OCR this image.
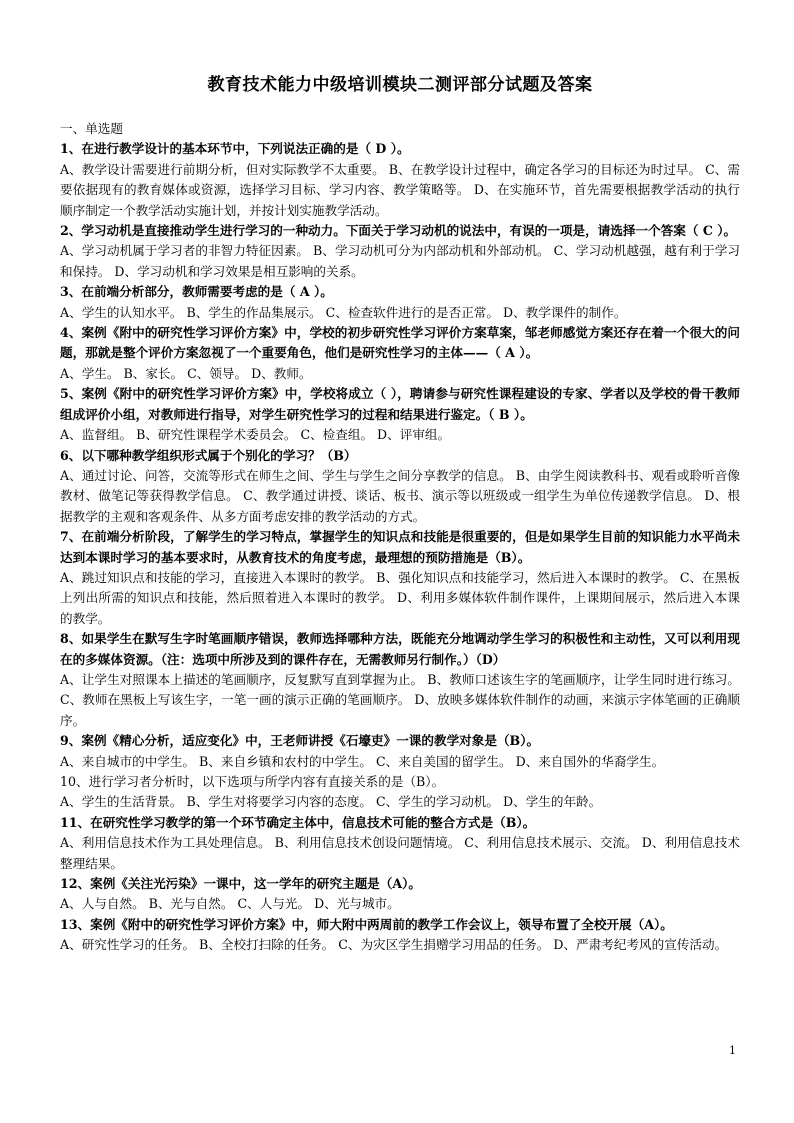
教育技术能力中级培训模块二测评部分试题及答案

一、单选题

1、在进行教学设计的基本环节中，下列说法正确的是（ D ）。

A、教学设计需要进行前期分析，但对实际教学不太重要。 B、在教学设计过程中，确定各学习的目标还为时过早。 C、需要依据现有的教育媒体或资源，选择学习目标、学习内容、教学策略等。 D、在实施环节，首先需要根据教学活动的执行顺序制定一个教学活动实施计划，并按计划实施教学活动。

2、学习动机是直接推动学生进行学习的一种动力。下面关于学习动机的说法中，有误的一项是，请选择一个答案（ C ）。

A、学习动机属于学习者的非智力特征因素。 B、学习动机可分为内部动机和外部动机。 C、学习动机越强，越有利于学习和保持。 D、学习动机和学习效果是相互影响的关系。

3、在前端分析部分，教师需要考虑的是（ A ）。

A、学生的认知水平。 B、学生的作品集展示。 C、检查软件进行的是否正常。 D、教学课件的制作。

4、案例《附中的研究性学习评价方案》中，学校的初步研究性学习评价方案草案，邹老师感觉方案还存在着一个很大的问题，那就是整个评价方案忽视了一个重要角色，他们是研究性学习的主体——（ A ）。

A、学生。 B、家长。 C、领导。 D、教师。

5、案例《附中的研究性学习评价方案》中，学校将成立（ ），聘请参与研究性课程建设的专家、学者以及学校的骨干教师组成评价小组，对教师进行指导，对学生研究性学习的过程和结果进行鉴定。（ B ）。

A、监督组。 B、研究性课程学术委员会。 C、检查组。 D、评审组。

6、以下哪种教学组织形式属于个别化的学习？（B）

A、通过讨论、问答，交流等形式在师生之间、学生与学生之间分享教学的信息。 B、由学生阅读教科书、观看或聆听音像教材、做笔记等获得教学信息。 C、教学通过讲授、谈话、板书、演示等以班级或一组学生为单位传递教学信息。 D、根据教学的主观和客观条件、从多方面考虑安排的教学活动的方式。

7、在前端分析阶段，了解学生的学习特点，掌握学生的知识点和技能是很重要的，但是如果学生目前的知识能力水平尚未达到本课时学习的基本要求时，从教育技术的角度考虑，最理想的预防措施是（B）。

A、跳过知识点和技能的学习，直接进入本课时的教学。 B、强化知识点和技能学习，然后进入本课时的教学。 C、在黑板上列出所需的知识点和技能，然后照着进入本课时的教学。 D、利用多媒体软件制作课件，上课期间展示，然后进入本课的教学。

8、如果学生在默写生字时笔画顺序错误，教师选择哪种方法，既能充分地调动学生学习的积极性和主动性，又可以利用现在的多媒体资源。（注：选项中所涉及到的课件存在，无需教师另行制作。）（D）

A、让学生对照课本上描述的笔画顺序，反复默写直到掌握为止。 B、教师口述该生字的笔画顺序，让学生同时进行练习。 C、教师在黑板上写该生字，一笔一画的演示正确的笔画顺序。 D、放映多媒体软件制作的动画，来演示字体笔画的正确顺序。

9、案例《精心分析，适应变化》中，王老师讲授《石壕吏》一课的教学对象是（B）。

A、来自城市的中学生。 B、来自乡镇和农村的中学生。 C、来自美国的留学生。 D、来自国外的华裔学生。

10、进行学习者分析时，以下选项与所学内容有直接关系的是（B）。

A、学生的生活背景。 B、学生对将要学习内容的态度。 C、学生的学习动机。 D、学生的年龄。

11、在研究性学习教学的第一个环节确定主体中，信息技术可能的整合方式是（B）。

A、利用信息技术作为工具处理信息。 B、利用信息技术创设问题情境。 C、利用信息技术展示、交流。 D、利用信息技术整理结果。

12、案例《关注光污染》一课中，这一学年的研究主题是（A）。

A、人与自然。 B、光与自然。 C、人与光。 D、光与城市。

13、案例《附中的研究性学习评价方案》中，师大附中两周前的教学工作会议上，领导布置了全校开展（A）。

A、研究性学习的任务。 B、全校打扫除的任务。 C、为灾区学生捐赠学习用品的任务。 D、严肃考纪考风的宣传活动。

1
